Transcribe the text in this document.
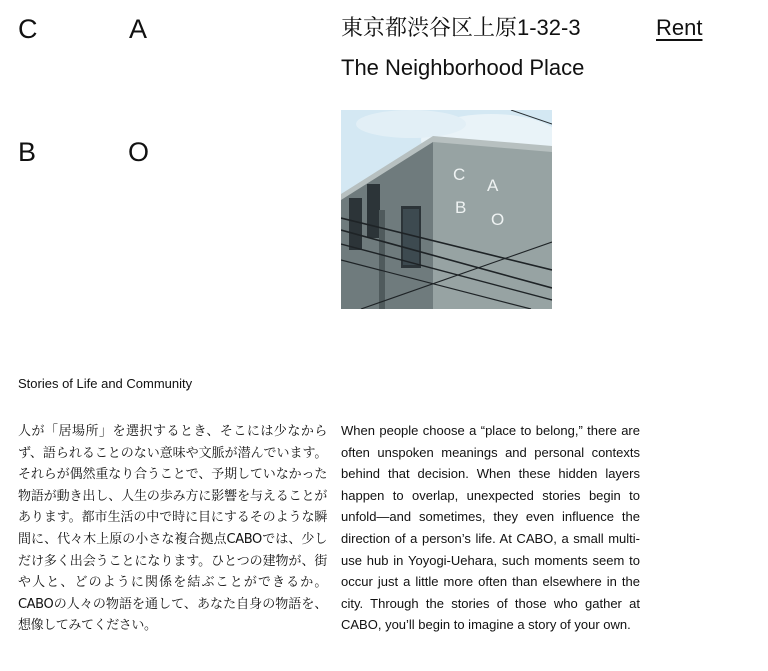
C	A
B	O
東京都渋谷区上原1-32-3
The Neighborhood Place
Rent
C
A
B
O
Stories of Life and Community

人が「居場所」を選択するとき、そこには少なからず、語られることのない意味や文脈が潜んでいます。それらが偶然重なり合うことで、予期していなかった物語が動き出し、人生の歩み方に影響を与えることがあります。都市生活の中で時に目にするそのような瞬間に、代々木上原の小さな複合拠点CABOでは、少しだけ多く出会うことになります。ひとつの建物が、街や人と、どのように関係を結ぶことができるか。CABOの人々の物語を通して、あなた自身の物語を、想像してみてください。

When people choose a “place to belong,” there are often unspoken meanings and personal contexts behind that decision. When these hidden layers happen to overlap, unexpected stories begin to unfold—and sometimes, they even influence the direction of a person’s life. At CABO, a small multi-use hub in Yoyogi-Uehara, such moments seem to occur just a little more often than elsewhere in the city. Through the stories of those who gather at CABO, you’ll begin to imagine a story of your own.
